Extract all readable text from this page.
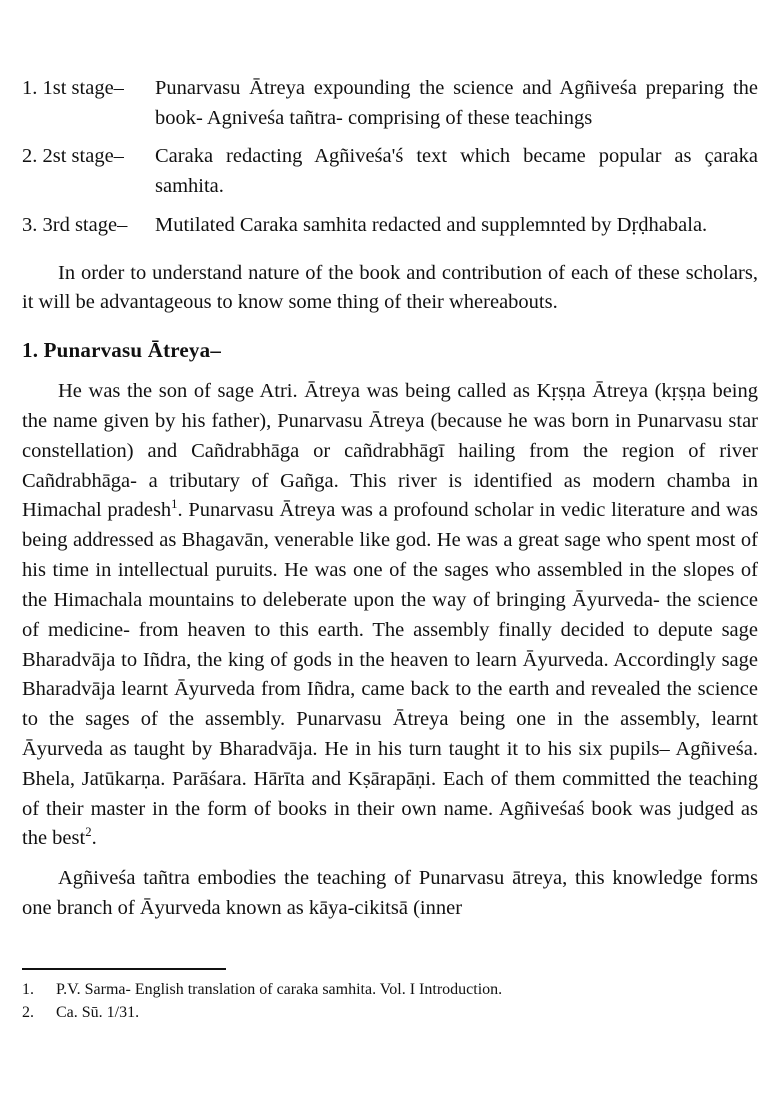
1. 1st stage–	Punarvasu Ātreya expounding the science and Agñiveśa preparing the book- Agniveśa tañtra- comprising of these teachings
2. 2st stage–	Caraka redacting Agñiveśa'ś text which became popular as çaraka samhita.
3. 3rd stage–	Mutilated Caraka samhita redacted and supplemnted by Dṛḍhabala.

In order to understand nature of the book and contribution of each of these scholars, it will be advantageous to know some thing of their whereabouts.

1. Punarvasu Ātreya–

He was the son of sage Atri. Ātreya was being called as Kṛṣṇa Ātreya (kṛṣṇa being the name given by his father), Punarvasu Ātreya (because he was born in Punarvasu star constellation) and Cañdrabhāga or cañdrabhāgī hailing from the region of river Cañdrabhāga- a tributary of Gañga. This river is identified as modern chamba in Himachal pradesh$^1$. Punarvasu Ātreya was a profound scholar in vedic literature and was being addressed as Bhagavān, venerable like god. He was a great sage who spent most of his time in intellectual puruits. He was one of the sages who assembled in the slopes of the Himachala mountains to deleberate upon the way of bringing Āyurveda- the science of medicine- from heaven to this earth. The assembly finally decided to depute sage Bharadvāja to Iñdra, the king of gods in the heaven to learn Āyurveda. Accordingly sage Bharadvāja learnt Āyurveda from Iñdra, came back to the earth and revealed the science to the sages of the assembly. Punarvasu Ātreya being one in the assembly, learnt Āyurveda as taught by Bharadvāja. He in his turn taught it to his six pupils– Agñiveśa. Bhela, Jatūkarṇa. Parāśara. Hārīta and Kṣārapāṇi. Each of them committed the teaching of their master in the form of books in their own name. Agñiveśaś book was judged as the best$^2$.

Agñiveśa tañtra embodies the teaching of Punarvasu ātreya, this knowledge forms one branch of Āyurveda known as kāya-cikitsā (inner

1.	P.V. Sarma- English translation of caraka samhita. Vol. I Introduction.
2.	Ca. Sū. 1/31.
